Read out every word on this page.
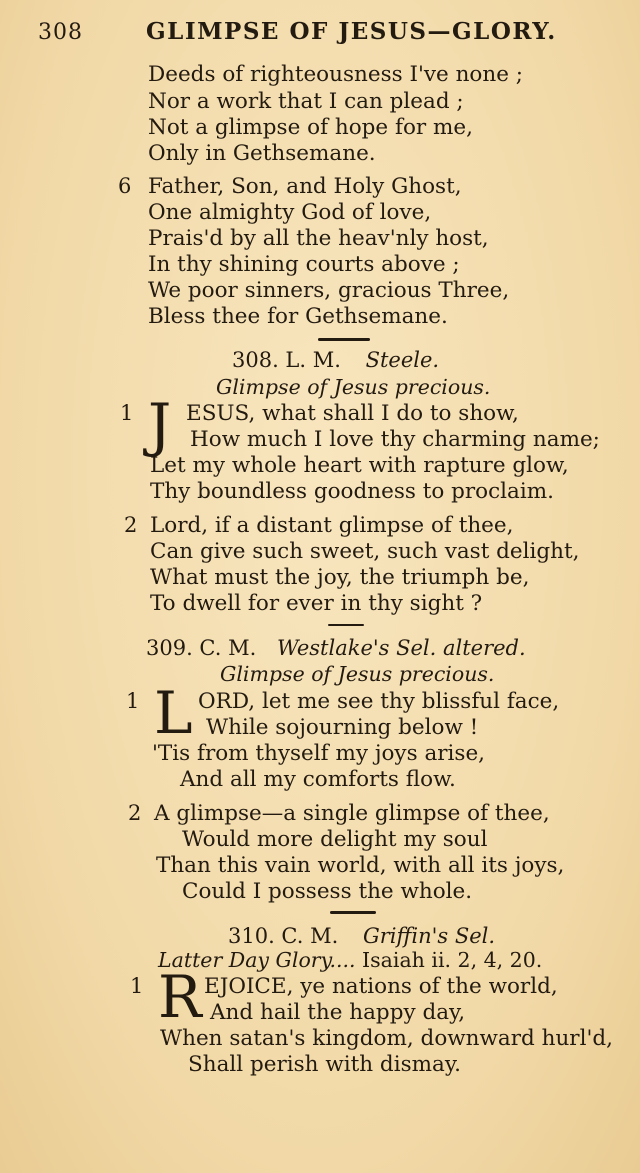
308	GLIMPSE OF JESUS—GLORY.
Deeds of righteousness I've none ;
Nor a work that I can plead ;
Not a glimpse of hope for me,
Only in Gethsemane.
6 Father, Son, and Holy Ghost,
One almighty God of love,
Prais'd by all the heav'nly host,
In thy shining courts above ;
We poor sinners, gracious Three,
Bless thee for Gethsemane.
308. L. M. Steele.
Glimpse of Jesus precious.
1 J ESUS, what shall I do to show,
How much I love thy charming name;
Let my whole heart with rapture glow,
Thy boundless goodness to proclaim.
2 Lord, if a distant glimpse of thee,
Can give such sweet, such vast delight,
What must the joy, the triumph be,
To dwell for ever in thy sight ?
309. C. M. Westlake's Sel. altered.
Glimpse of Jesus precious.
1 L ORD, let me see thy blissful face,
While sojourning below !
'Tis from thyself my joys arise,
And all my comforts flow.
2 A glimpse—a single glimpse of thee,
Would more delight my soul
Than this vain world, with all its joys,
Could I possess the whole.
310. C. M. Griffin's Sel.
Latter Day Glory.... Isaiah ii. 2, 4, 20.
1 R EJOICE, ye nations of the world,
And hail the happy day,
When satan's kingdom, downward hurl'd,
Shall perish with dismay.
